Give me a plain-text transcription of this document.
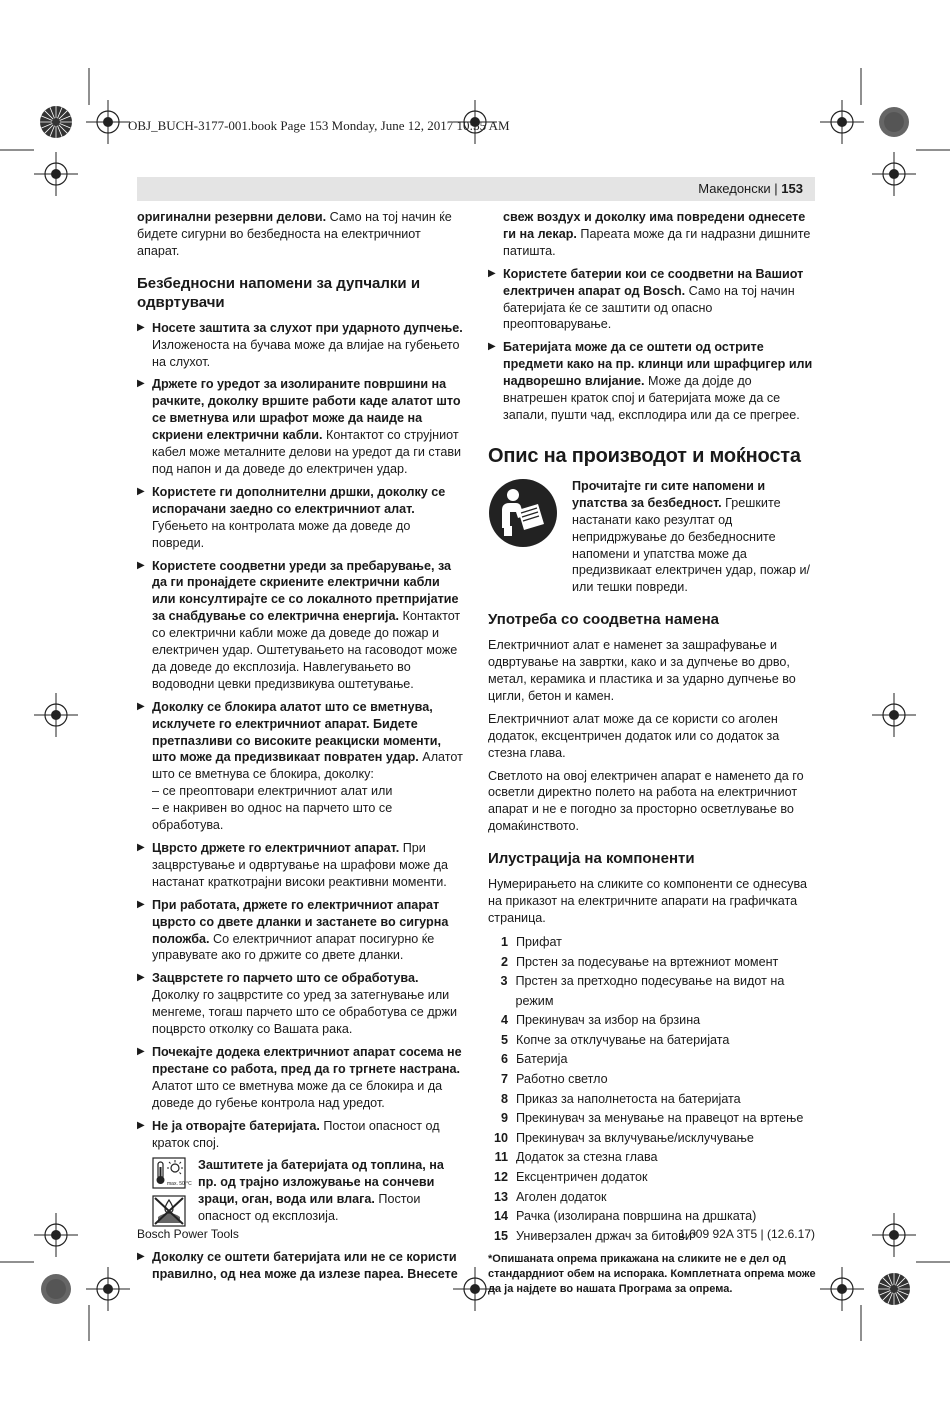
OBJ_BUCH-3177-001.book Page 153 Monday, June 12, 2017 10:35 AM
Македонски | 153

оригинални резервни делови. Само на тој начин ќе бидете сигурни во безбедноста на електричниот апарат.

Безбедносни напомени за дупчалки и одвртувачи
▶ Носете заштита за слухот при ударното дупчење. Изложеноста на бучава може да влијае на губењето на слухот.
▶ Држете го уредот за изолираните површини на рачките, доколку вршите работи каде алатот што се вметнува или шрафот може да наиде на скриени електрични кабли. Контактот со струјниот кабел може металните делови на уредот да ги стави под напон и да доведе до електричен удар.
▶ Користете ги дополнителни дршки, доколку се испорачани заедно со електричниот алат. Губењето на контролата може да доведе до повреди.
▶ Користете соодветни уреди за пребарување, за да ги пронајдете скриените електрични кабли или консултирајте се со локалното претпријатие за снабдување со електрична енергија. Контактот со електрични кабли може да доведе до пожар и електричен удар. Оштетувањето на гасоводот може да доведе до експлозија. Навлегувањето во водоводни цевки предизвикува оштетување.
▶ Доколку се блокира алатот што се вметнува, исклучете го електричниот апарат. Бидете претпазливи со високите реакциски моменти, што може да предизвикаат повратен удар. Алатот што се вметнува се блокира, доколку:
– се преоптовари електричниот алат или
– е накривен во однос на парчето што се обработува.
▶ Цврсто држете го електричниот апарат. При зацврстување и одвртување на шрафови може да настанат краткотрајни високи реактивни моменти.
▶ При работата, држете го електричниот апарат цврсто со двете дланки и застанете во сигурна положба. Со електричниот апарат посигурно ќе управувате ако го држите со двете дланки.
▶ Зацврстете го парчето што се обработува. Доколку го зацврстите со уред за затегнување или менгеме, тогаш парчето што се обработува се држи поцврсто отколку со Вашата рака.
▶ Почекајте додека електричниот апарат сосема не престане со работа, пред да го тргнете настрана. Алатот што се вметнува може да се блокира и да доведе до губење контрола над уредот.
▶ Не ја отворајте батеријата. Постои опасност од краток спој.
max. 50 °C
Заштитете ја батеријата од топлина, на пр. од трајно изложување на сончеви зраци, оган, вода или влага. Постои опасност од експлозија.
▶ Доколку се оштети батеријата или не се користи правилно, од неа може да излезе пареа. Внесете
свеж воздух и доколку има повредени однесете ги на лекар. Пареата може да ги надразни дишните патишта.
▶ Користете батерии кои се соодветни на Вашиот електричен апарат од Bosch. Само на тој начин батеријата ќе се заштити од опасно преоптоварување.
▶ Батеријата може да се оштети од острите предмети како на пр. клинци или шрафцигер или надворешно влијание. Може да дојде до внатрешен краток спој и батеријата може да се запали, пушти чад, експлодира или да се прегрее.
Опис на производот и моќноста
Прочитајте ги сите напомени и упатства за безбедност. Грешките настанати како резултат од непридржување до безбедносните напомени и упатства може да предизвикаат електричен удар, пожар и/или тешки повреди.
Употреба со соодветна намена

Електричниот алат е наменет за зашрафување и одвртување на завртки, како и за дупчење во дрво, метал, керамика и пластика и за ударно дупчење во цигли, бетон и камен.

Електричниот алат може да се користи со аголен додаток, ексцентричен додаток или со додаток за стезна глава.

Светлото на овој електричен апарат е наменето да го осветли директно полето на работа на електричниот апарат и не е погодно за просторно осветлување во домаќинството.

Илустрација на компоненти

Нумерирањето на сликите со компоненти се однесува на приказот на електричните апарати на графичката страница.

1 Прифат
2 Прстен за подесување на вртежниот момент
3 Прстен за претходно подесување на видот на режим
4 Прекинувач за избор на брзина
5 Копче за отклучување на батеријата
6 Батерија
7 Работно светло
8 Приказ за наполнетоста на батеријата
9 Прекинувач за менување на правецот на вртење
10 Прекинувач за вклучување/исклучување
11 Додаток за стезна глава
12 Ексцентричен додаток
13 Аголен додаток
14 Рачка (изолирана површина на дршката)
15 Универзален држач за битови*
*Опишаната опрема прикажана на сликите не е дел од стандардниот обем на испорака. Комплетната опрема може да ја најдете во нашата Програма за опрема.
Bosch Power Tools	1 609 92A 3T5 | (12.6.17)
